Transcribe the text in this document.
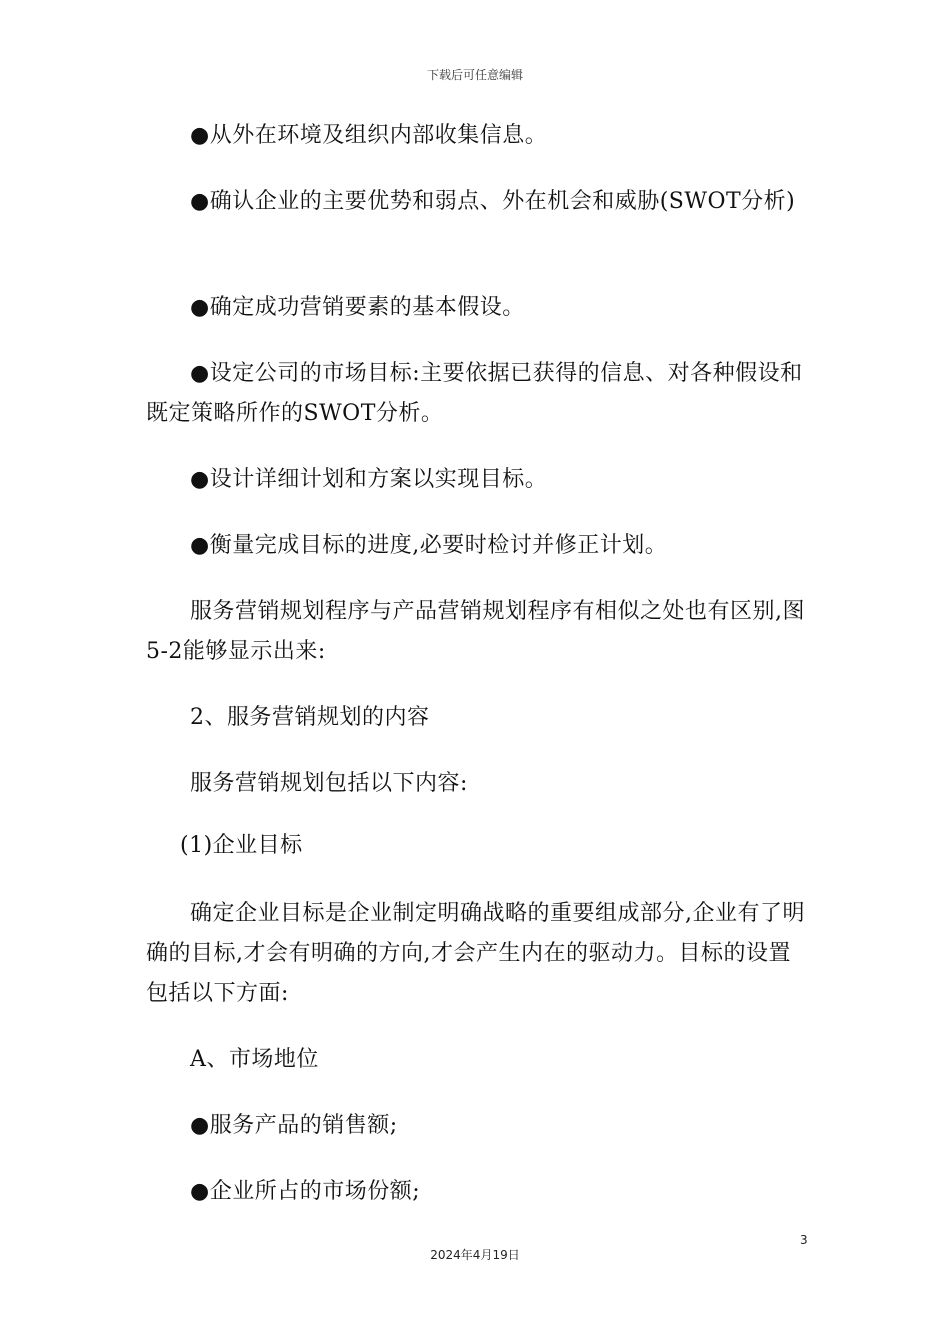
下载后可任意编辑
●从外在环境及组织内部收集信息。
●确认企业的主要优势和弱点、外在机会和威胁(SWOT分析)
●确定成功营销要素的基本假设。
●设定公司的市场目标:主要依据已获得的信息、对各种假设和既定策略所作的SWOT分析。
●设计详细计划和方案以实现目标。
●衡量完成目标的进度,必要时检讨并修正计划。
服务营销规划程序与产品营销规划程序有相似之处也有区别,图5-2能够显示出来:
2、服务营销规划的内容
服务营销规划包括以下内容:
(1)企业目标
确定企业目标是企业制定明确战略的重要组成部分,企业有了明确的目标,才会有明确的方向,才会产生内在的驱动力。目标的设置包括以下方面:
A、市场地位
●服务产品的销售额;
●企业所占的市场份额;
3
2024年4月19日
